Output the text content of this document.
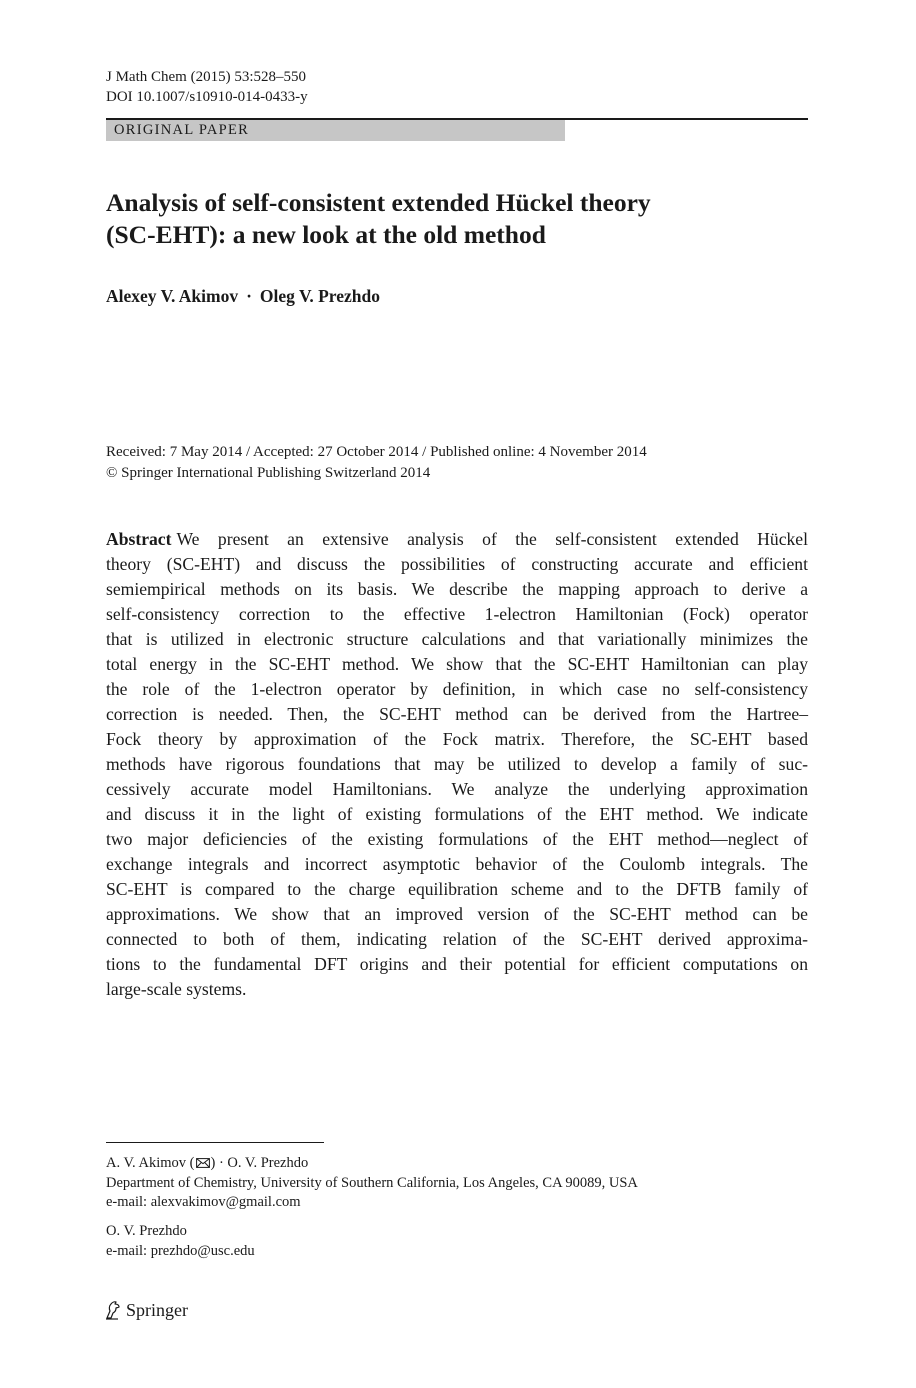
J Math Chem (2015) 53:528–550
DOI 10.1007/s10910-014-0433-y
ORIGINAL PAPER
Analysis of self-consistent extended Hückel theory
(SC-EHT): a new look at the old method
Alexey V. Akimov · Oleg V. Prezhdo
Received: 7 May 2014 / Accepted: 27 October 2014 / Published online: 4 November 2014
© Springer International Publishing Switzerland 2014
Abstract We present an extensive analysis of the self-consistent extended Hückel
theory (SC-EHT) and discuss the possibilities of constructing accurate and efficient
semiempirical methods on its basis. We describe the mapping approach to derive a
self-consistency correction to the effective 1-electron Hamiltonian (Fock) operator
that is utilized in electronic structure calculations and that variationally minimizes the
total energy in the SC-EHT method. We show that the SC-EHT Hamiltonian can play
the role of the 1-electron operator by definition, in which case no self-consistency
correction is needed. Then, the SC-EHT method can be derived from the Hartree–
Fock theory by approximation of the Fock matrix. Therefore, the SC-EHT based
methods have rigorous foundations that may be utilized to develop a family of suc-
cessively accurate model Hamiltonians. We analyze the underlying approximation
and discuss it in the light of existing formulations of the EHT method. We indicate
two major deficiencies of the existing formulations of the EHT method—neglect of
exchange integrals and incorrect asymptotic behavior of the Coulomb integrals. The
SC-EHT is compared to the charge equilibration scheme and to the DFTB family of
approximations. We show that an improved version of the SC-EHT method can be
connected to both of them, indicating relation of the SC-EHT derived approxima-
tions to the fundamental DFT origins and their potential for efficient computations on
large-scale systems.
A. V. Akimov ( ) · O. V. Prezhdo
Department of Chemistry, University of Southern California, Los Angeles, CA 90089, USA
e-mail: alexvakimov@gmail.com
O. V. Prezhdo
e-mail: prezhdo@usc.edu
Springer
